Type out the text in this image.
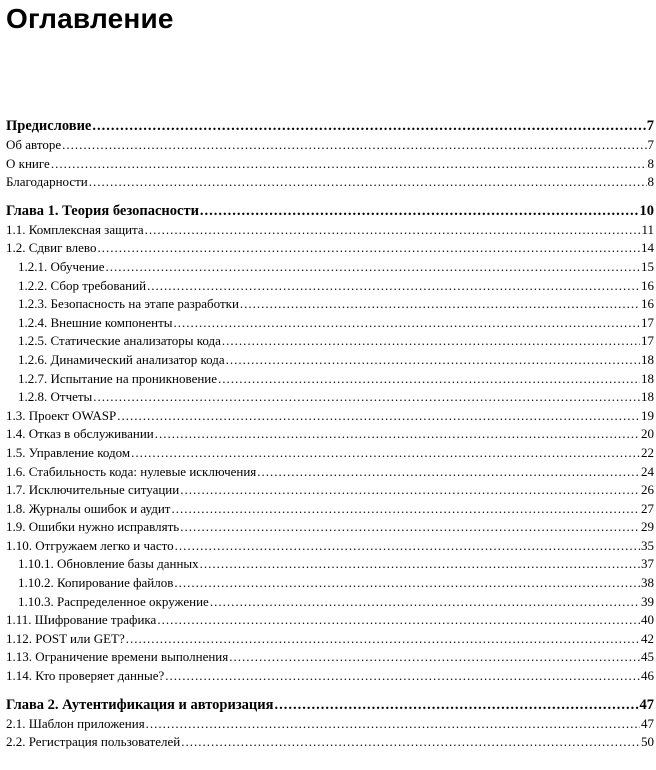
Оглавление
Предисловие .....	7
Об авторе .....	7
О книге .....	8
Благодарности .....	8
Глава 1. Теория безопасности .....	10
1.1. Комплексная защита .....	11
1.2. Сдвиг влево .....	14
1.2.1. Обучение .....	15
1.2.2. Сбор требований .....	16
1.2.3. Безопасность на этапе разработки .....	16
1.2.4. Внешние компоненты .....	17
1.2.5. Статические анализаторы кода .....	17
1.2.6. Динамический анализатор кода .....	18
1.2.7. Испытание на проникновение .....	18
1.2.8. Отчеты .....	18
1.3. Проект OWASP .....	19
1.4. Отказ в обслуживании .....	20
1.5. Управление кодом .....	22
1.6. Стабильность кода: нулевые исключения .....	24
1.7. Исключительные ситуации .....	26
1.8. Журналы ошибок и аудит .....	27
1.9. Ошибки нужно исправлять .....	29
1.10. Отгружаем легко и часто .....	35
1.10.1. Обновление базы данных .....	37
1.10.2. Копирование файлов .....	38
1.10.3. Распределенное окружение .....	39
1.11. Шифрование трафика .....	40
1.12. POST или GET? .....	42
1.13. Ограничение времени выполнения .....	45
1.14. Кто проверяет данные? .....	46
Глава 2. Аутентификация и авторизация .....	47
2.1. Шаблон приложения .....	47
2.2. Регистрация пользователей .....	50
